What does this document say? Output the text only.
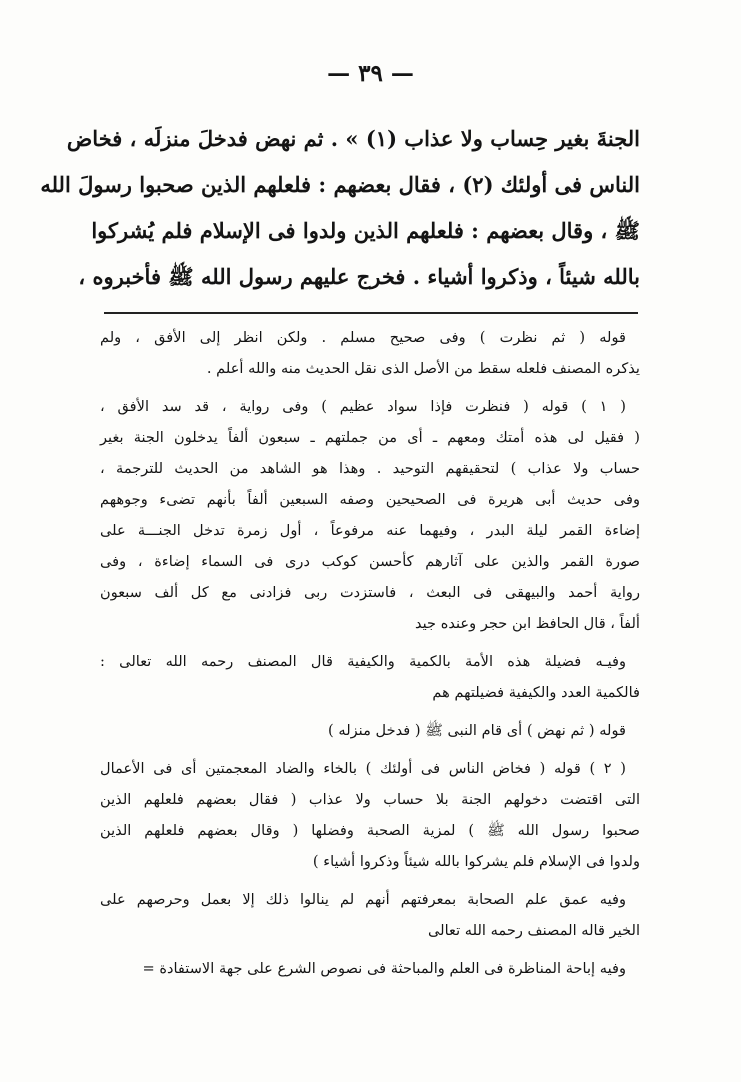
— ٣٩ —
الجنةَ بغير حِساب ولا عذاب (١) » . ثم نهض فدخلَ منزلَه ، فخاض
الناس فى أولئك (٢) ، فقال بعضهم : فلعلهم الذين صحبوا رسولَ الله
ﷺ ، وقال بعضهم : فلعلهم الذين ولدوا فى الإسلام فلم يُشركوا
بالله شيئاً ، وذكروا أشياء . فخرج عليهم رسول الله ﷺ فأخبروه ،
قوله ( ثم نظرت ) وفى صحيح مسلم . ولكن انظر إلى الأفق ، ولم
يذكره المصنف فلعله سقط من الأصل الذى نقل الحديث منه والله أعلم .
( ١ ) قوله ( فنظرت فإذا سواد عظيم ) وفى رواية ، قد سد الأفق ،
( فقيل لى هذه أمتك ومعهم ـ أى من جملتهم ـ سبعون ألفاً يدخلون الجنة بغير
حساب ولا عذاب ) لتحقيقهم التوحيد . وهذا هو الشاهد من الحديث للترجمة ،
وفى حديث أبى هريرة فى الصحيحين وصفه السبعين ألفاً بأنهم تضىء وجوههم
إضاءة القمر ليلة البدر ، وفيهما عنه مرفوعاً ، أول زمرة تدخل الجنـــة على
صورة القمر والذين على آثارهم كأحسن كوكب درى فى السماء إضاءة ، وفى
رواية أحمد والبيهقى فى البعث ، فاستزدت ربى فزادنى مع كل ألف سبعون
ألفاً ، قال الحافظ ابن حجر وعنده جيد
وفيـه فضيلة هذه الأمة بالكمية والكيفية قال المصنف رحمه الله تعالى :
فالكمية العدد والكيفية فضيلتهم هم
قوله ( ثم نهض ) أى قام النبى ﷺ ( فدخل منزله )
( ٢ ) قوله ( فخاض الناس فى أولئك ) بالخاء والضاد المعجمتين أى فى الأعمال
التى اقتضت دخولهم الجنة بلا حساب ولا عذاب ( فقال بعضهم فلعلهم الذين
صحبوا رسول الله ﷺ ) لمزية الصحبة وفضلها ( وقال بعضهم فلعلهم الذين
ولدوا فى الإسلام فلم يشركوا بالله شيئاً وذكروا أشياء )
وفيه عمق علم الصحابة بمعرفتهم أنهم لم ينالوا ذلك إلا بعمل وحرصهم على
الخير قاله المصنف رحمه الله تعالى
وفيه إباحة المناظرة فى العلم والمباحثة فى نصوص الشرع على جهة الاستفادة =
